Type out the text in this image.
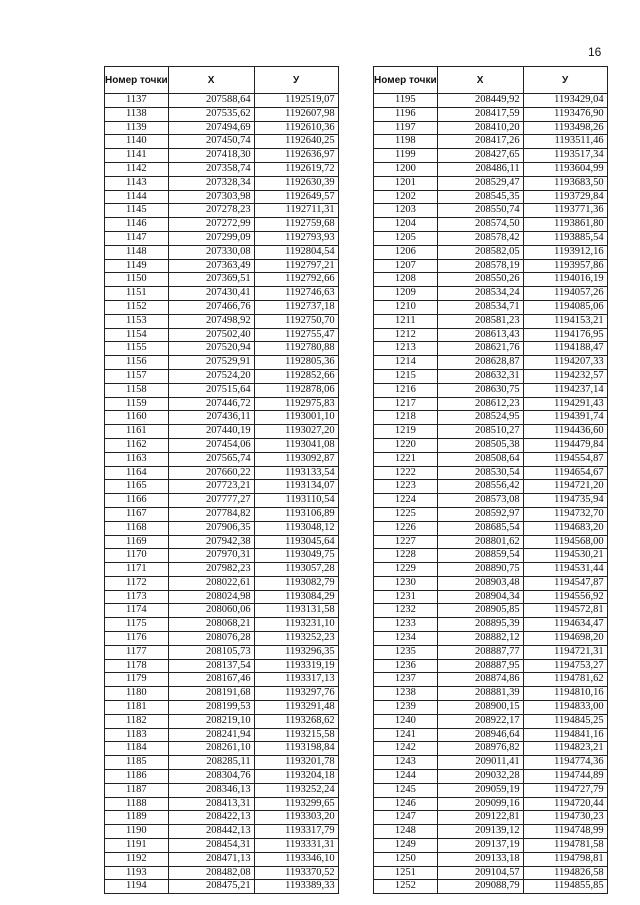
16
Номер точки	X	У
1137	207588,64	1192519,07
1138	207535,62	1192607,98
1139	207494,69	1192610,36
1140	207450,74	1192640,25
1141	207418,30	1192636,97
1142	207358,74	1192619,72
1143	207328,34	1192630,39
1144	207303,98	1192649,57
1145	207278,23	1192711,31
1146	207272,99	1192759,68
1147	207299,09	1192793,93
1148	207330,08	1192804,54
1149	207363,49	1192797,21
1150	207369,51	1192792,66
1151	207430,41	1192746,63
1152	207466,76	1192737,18
1153	207498,92	1192750,70
1154	207502,40	1192755,47
1155	207520,94	1192780,88
1156	207529,91	1192805,36
1157	207524,20	1192852,66
1158	207515,64	1192878,06
1159	207446,72	1192975,83
1160	207436,11	1193001,10
1161	207440,19	1193027,20
1162	207454,06	1193041,08
1163	207565,74	1193092,87
1164	207660,22	1193133,54
1165	207723,21	1193134,07
1166	207777,27	1193110,54
1167	207784,82	1193106,89
1168	207906,35	1193048,12
1169	207942,38	1193045,64
1170	207970,31	1193049,75
1171	207982,23	1193057,28
1172	208022,61	1193082,79
1173	208024,98	1193084,29
1174	208060,06	1193131,58
1175	208068,21	1193231,10
1176	208076,28	1193252,23
1177	208105,73	1193296,35
1178	208137,54	1193319,19
1179	208167,46	1193317,13
1180	208191,68	1193297,76
1181	208199,53	1193291,48
1182	208219,10	1193268,62
1183	208241,94	1193215,58
1184	208261,10	1193198,84
1185	208285,11	1193201,78
1186	208304,76	1193204,18
1187	208346,13	1193252,24
1188	208413,31	1193299,65
1189	208422,13	1193303,20
1190	208442,13	1193317,79
1191	208454,31	1193331,31
1192	208471,13	1193346,10
1193	208482,08	1193370,52
1194	208475,21	1193389,33
Номер точки	X	У
1195	208449,92	1193429,04
1196	208417,59	1193476,90
1197	208410,20	1193498,26
1198	208417,26	1193511,46
1199	208427,65	1193517,34
1200	208486,11	1193604,99
1201	208529,47	1193683,50
1202	208545,35	1193729,84
1203	208550,74	1193771,36
1204	208574,50	1193861,80
1205	208578,42	1193885,54
1206	208582,05	1193912,16
1207	208578,19	1193957,86
1208	208550,26	1194016,19
1209	208534,24	1194057,26
1210	208534,71	1194085,06
1211	208581,23	1194153,21
1212	208613,43	1194176,95
1213	208621,76	1194188,47
1214	208628,87	1194207,33
1215	208632,31	1194232,57
1216	208630,75	1194237,14
1217	208612,23	1194291,43
1218	208524,95	1194391,74
1219	208510,27	1194436,60
1220	208505,38	1194479,84
1221	208508,64	1194554,87
1222	208530,54	1194654,67
1223	208556,42	1194721,20
1224	208573,08	1194735,94
1225	208592,97	1194732,70
1226	208685,54	1194683,20
1227	208801,62	1194568,00
1228	208859,54	1194530,21
1229	208890,75	1194531,44
1230	208903,48	1194547,87
1231	208904,34	1194556,92
1232	208905,85	1194572,81
1233	208895,39	1194634,47
1234	208882,12	1194698,20
1235	208887,77	1194721,31
1236	208887,95	1194753,27
1237	208874,86	1194781,62
1238	208881,39	1194810,16
1239	208900,15	1194833,00
1240	208922,17	1194845,25
1241	208946,64	1194841,16
1242	208976,82	1194823,21
1243	209011,41	1194774,36
1244	209032,28	1194744,89
1245	209059,19	1194727,79
1246	209099,16	1194720,44
1247	209122,81	1194730,23
1248	209139,12	1194748,99
1249	209137,19	1194781,58
1250	209133,18	1194798,81
1251	209104,57	1194826,58
1252	209088,79	1194855,85
